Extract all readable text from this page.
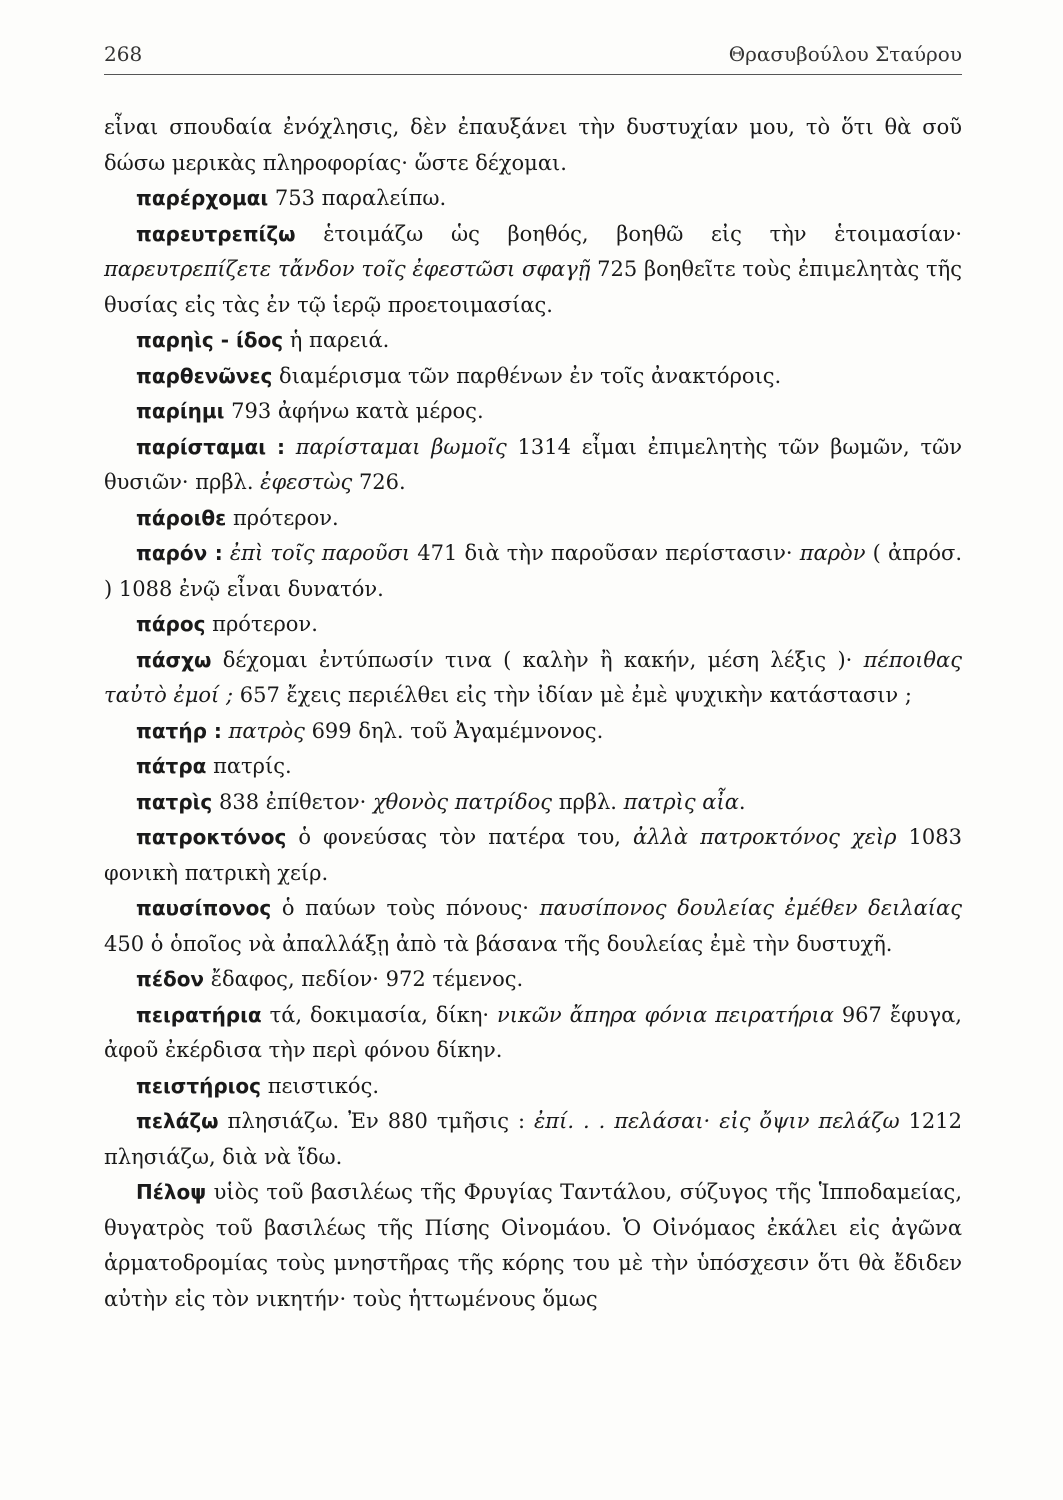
268	Θρασυβούλου Σταύρου

εἶναι σπουδαία ἐνόχλησις, δὲν ἐπαυξάνει τὴν δυστυχίαν μου, τὸ ὅτι θὰ σοῦ δώσω μερικὰς πληροφορίας· ὥστε δέχομαι.

παρέρχομαι 753 παραλείπω.

παρευτρεπίζω ἑτοιμάζω ὡς βοηθός, βοηθῶ εἰς τὴν ἑτοιμασίαν· παρευτρεπίζετε τἄνδον τοῖς ἐφεστῶσι σφαγῇ 725 βοηθεῖτε τοὺς ἐπιμελητὰς τῆς θυσίας εἰς τὰς ἐν τῷ ἱερῷ προετοιμασίας.

παρηὶς - ίδος ἡ παρειά.

παρθενῶνες διαμέρισμα τῶν παρθένων ἐν τοῖς ἀνακτόροις.

παρίημι 793 ἀφήνω κατὰ μέρος.

παρίσταμαι : παρίσταμαι βωμοῖς 1314 εἶμαι ἐπιμελητὴς τῶν βωμῶν, τῶν θυσιῶν· πρβλ. ἐφεστὼς 726.

πάροιθε πρότερον.

παρόν : ἐπὶ τοῖς παροῦσι 471 διὰ τὴν παροῦσαν περίστασιν· παρὸν ( ἀπρόσ. ) 1088 ἐνῷ εἶναι δυνατόν.

πάρος πρότερον.

πάσχω δέχομαι ἐντύπωσίν τινα ( καλὴν ἢ κακήν, μέση λέξις )· πέποιθας ταὐτὸ ἐμοί ; 657 ἔχεις περιέλθει εἰς τὴν ἰδίαν μὲ ἐμὲ ψυχικὴν κατάστασιν ;

πατήρ : πατρὸς 699 δηλ. τοῦ Ἀγαμέμνονος.

πάτρα πατρίς.

πατρὶς 838 ἐπίθετον· χθονὸς πατρίδος πρβλ. πατρὶς αἶα.

πατροκτόνος ὁ φονεύσας τὸν πατέρα του, ἀλλὰ πατροκτόνος χεὶρ 1083 φονικὴ πατρικὴ χείρ.

παυσίπονος ὁ παύων τοὺς πόνους· παυσίπονος δουλείας ἐμέθεν δειλαίας 450 ὁ ὁποῖος νὰ ἀπαλλάξῃ ἀπὸ τὰ βάσανα τῆς δουλείας ἐμὲ τὴν δυστυχῆ.

πέδον ἔδαφος, πεδίον· 972 τέμενος.

πειρατήρια τά, δοκιμασία, δίκη· νικῶν ἄπηρα φόνια πειρατήρια 967 ἔφυγα, ἀφοῦ ἐκέρδισα τὴν περὶ φόνου δίκην.

πειστήριος πειστικός.

πελάζω πλησιάζω. Ἐν 880 τμῆσις : ἐπί. . . πελάσαι· εἰς ὄψιν πελάζω 1212 πλησιάζω, διὰ νὰ ἴδω.

Πέλοψ υἱὸς τοῦ βασιλέως τῆς Φρυγίας Ταντάλου, σύζυγος τῆς Ἱπποδαμείας, θυγατρὸς τοῦ βασιλέως τῆς Πίσης Οἰνομάου. Ὁ Οἰνόμαος ἐκάλει εἰς ἀγῶνα ἁρματοδρομίας τοὺς μνηστῆρας τῆς κόρης του μὲ τὴν ὑπόσχεσιν ὅτι θὰ ἔδιδεν αὐτὴν εἰς τὸν νικητήν· τοὺς ἡττωμένους ὅμως
